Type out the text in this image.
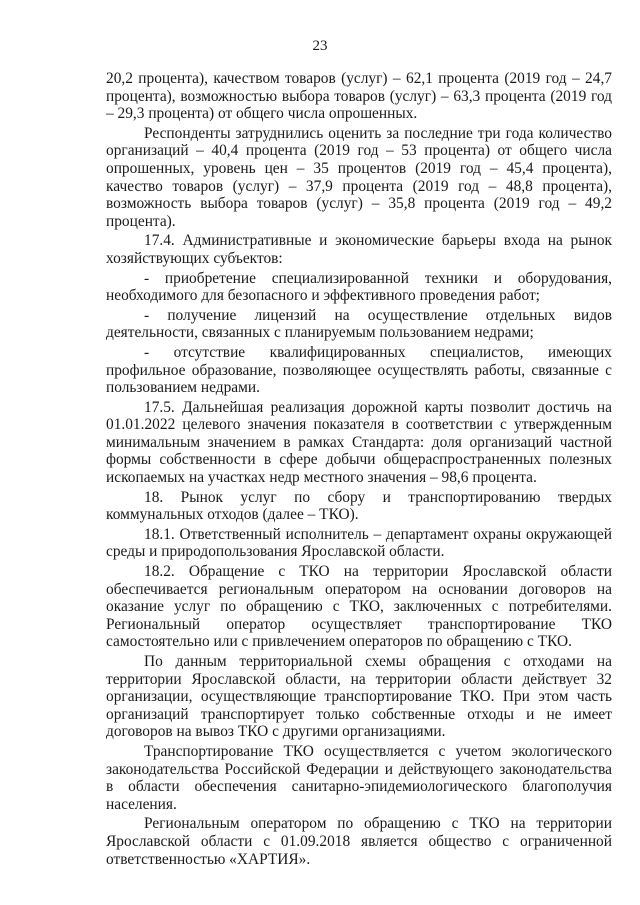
23

20,2 процента), качеством товаров (услуг) – 62,1 процента (2019 год – 24,7 процента), возможностью выбора товаров (услуг) – 63,3 процента (2019 год – 29,3 процента) от общего числа опрошенных.

Респонденты затруднились оценить за последние три года количество организаций – 40,4 процента (2019 год – 53 процента) от общего числа опрошенных, уровень цен – 35 процентов (2019 год – 45,4 процента), качество товаров (услуг) – 37,9 процента (2019 год – 48,8 процента), возможность выбора товаров (услуг) – 35,8 процента (2019 год – 49,2 процента).

17.4. Административные и экономические барьеры входа на рынок хозяйствующих субъектов:

- приобретение специализированной техники и оборудования, необходимого для безопасного и эффективного проведения работ;

- получение лицензий на осуществление отдельных видов деятельности, связанных с планируемым пользованием недрами;

- отсутствие квалифицированных специалистов, имеющих профильное образование, позволяющее осуществлять работы, связанные с пользованием недрами.

17.5. Дальнейшая реализация дорожной карты позволит достичь на 01.01.2022 целевого значения показателя в соответствии с утвержденным минимальным значением в рамках Стандарта: доля организаций частной формы собственности в сфере добычи общераспространенных полезных ископаемых на участках недр местного значения – 98,6 процента.

18. Рынок услуг по сбору и транспортированию твердых коммунальных отходов (далее – ТКО).

18.1. Ответственный исполнитель – департамент охраны окружающей среды и природопользования Ярославской области.

18.2. Обращение с ТКО на территории Ярославской области обеспечивается региональным оператором на основании договоров на оказание услуг по обращению с ТКО, заключенных с потребителями. Региональный оператор осуществляет транспортирование ТКО самостоятельно или с привлечением операторов по обращению с ТКО.

По данным территориальной схемы обращения с отходами на территории Ярославской области, на территории области действует 32 организации, осуществляющие транспортирование ТКО. При этом часть организаций транспортирует только собственные отходы и не имеет договоров на вывоз ТКО с другими организациями.

Транспортирование ТКО осуществляется с учетом экологического законодательства Российской Федерации и действующего законодательства в области обеспечения санитарно-эпидемиологического благополучия населения.

Региональным оператором по обращению с ТКО на территории Ярославской области с 01.09.2018 является общество с ограниченной ответственностью «ХАРТИЯ».
